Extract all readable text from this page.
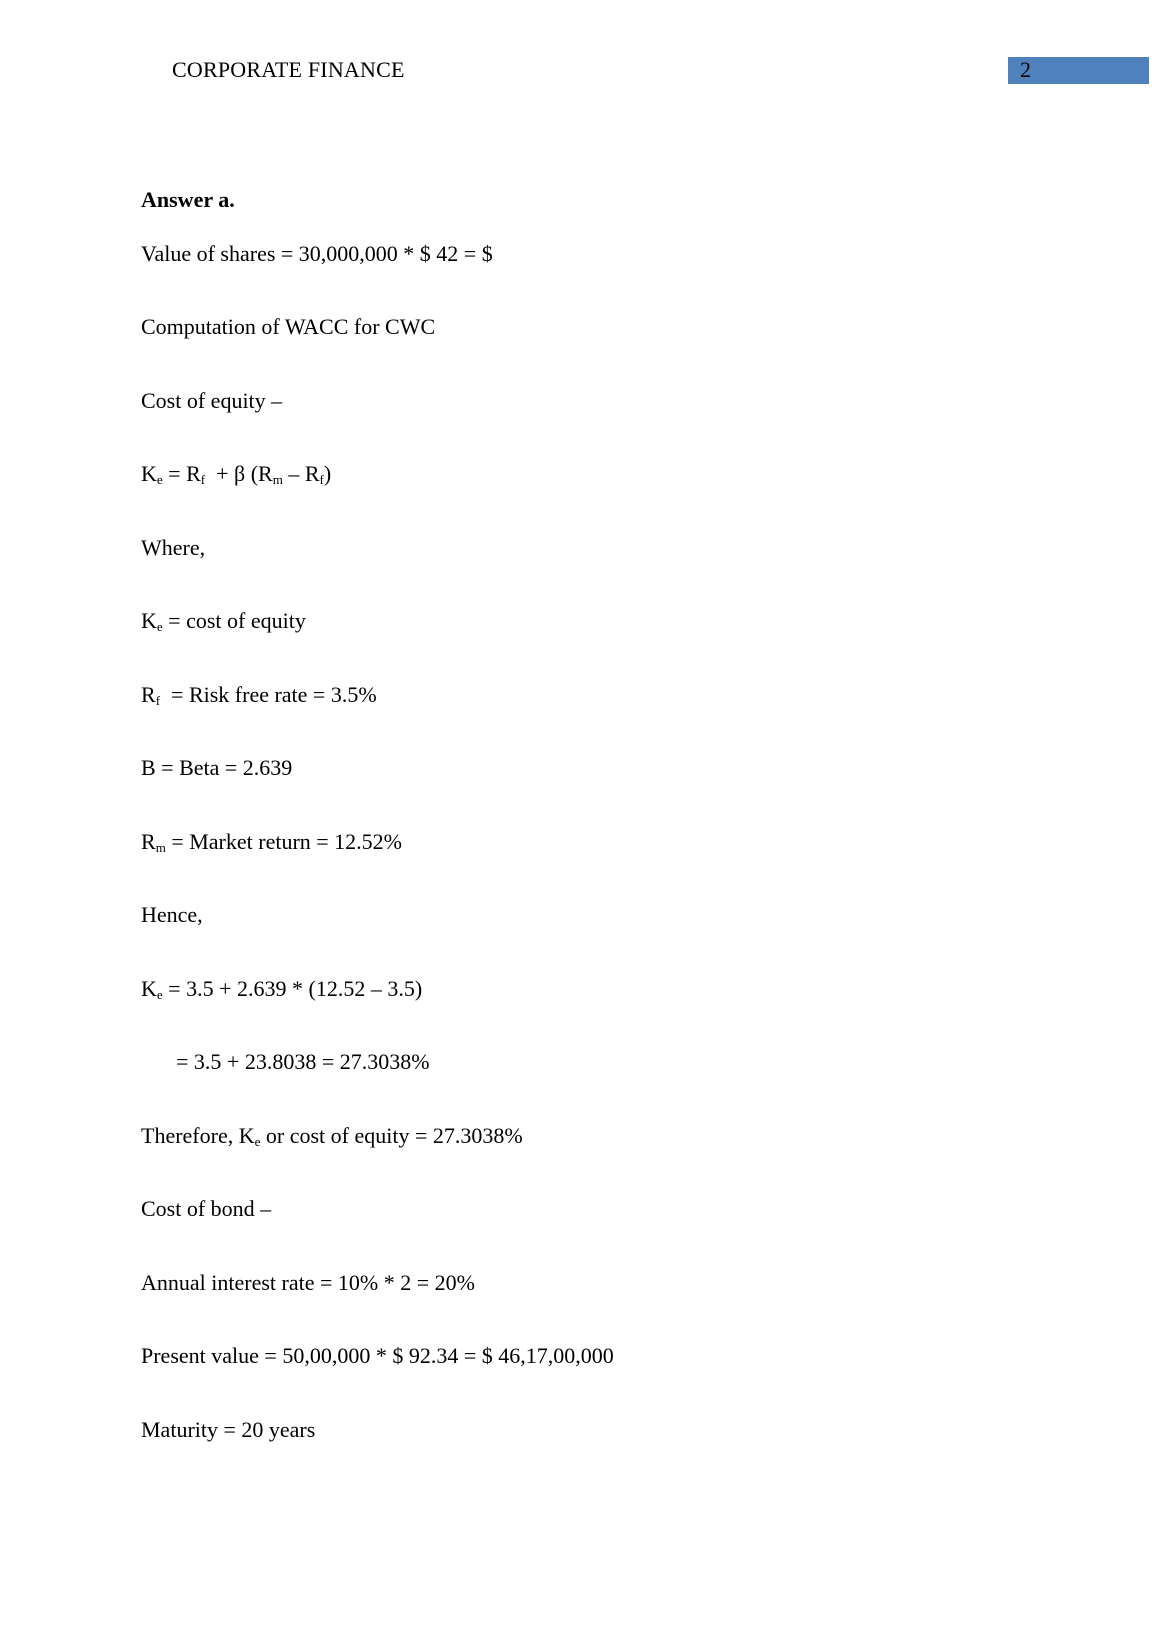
CORPORATE FINANCE	2
Answer a.
Value of shares = 30,000,000 * $ 42 = $
Computation of WACC for CWC
Cost of equity –
$K_e = R_f + \beta$ $(R_m - R_f)$
Where,
$K_e = \cos t$ of equity
$R_f$  = Risk free rate = 3.5%
B = Beta = 2.639
$R_m$ = Market return = 12.52%
Hence,
$K_e = 3.5 + 2.639 * (12.52 - 3.5)$
= 3.5 + 23.8038 = 27.3038%
Therefore, $K_e$ or cost of equity = 27.3038%
Cost of bond –
Annual interest rate = 10% * 2 = 20%
Present value = 50,00,000 * $ 92.34 = $ 46,17,00,000
Maturity = 20 years
